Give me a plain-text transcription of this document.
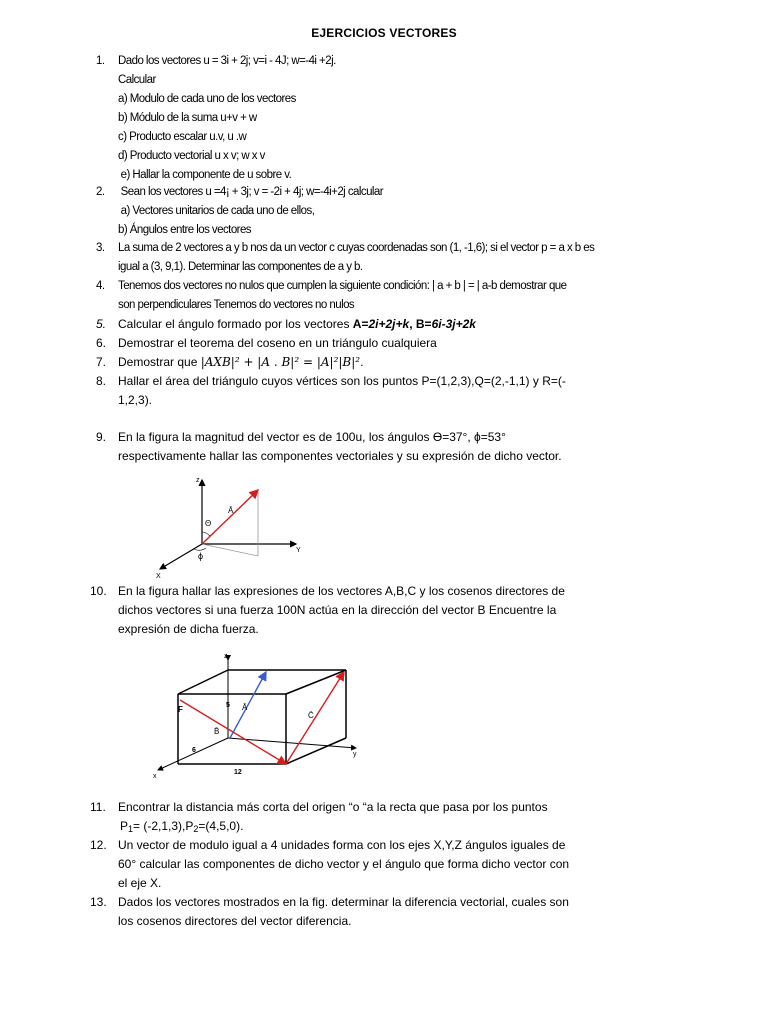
EJERCICIOS VECTORES
1. Dado los vectores u = 3i + 2j; v=i - 4J; w=-4i +2j.
Calcular
a) Modulo de cada uno de los vectores
b) Módulo de la suma u+v + w
c) Producto escalar u.v, u .w
d) Producto vectorial u x v; w x v
e) Hallar la componente de u sobre v.
2. Sean los vectores u =4¡ + 3j; v = -2i + 4j; w=-4i+2j calcular
a) Vectores unitarios de cada uno de ellos,
b) Ángulos entre los vectores
3. La suma de 2 vectores a y b nos da un vector c cuyas coordenadas son (1, -1,6); si el vector p = a x b es
igual a (3, 9,1). Determinar las componentes de a y b.
4. Tenemos dos vectores no nulos que cumplen la siguiente condición: | a + b | = | a-b demostrar que
son perpendiculares Tenemos do vectores no nulos
5. Calcular el ángulo formado por los vectores A=2i+2j+k, B=6i-3j+2k
6. Demostrar el teorema del coseno en un triángulo cualquiera
7. Demostrar que |AXB|² + |A . B|² = |A|²|B|².
8. Hallar el área del triángulo cuyos vértices son los puntos P=(1,2,3),Q=(2,-1,1) y R=(-
1,2,3).
9. En la figura la magnitud del vector es de 100u, los ángulos ϴ=37°, ϕ=53°
respectivamente hallar las componentes vectoriales y su expresión de dicho vector.
z
Y
X
Ā
Θ
ϕ
10. En la figura hallar las expresiones de los vectores A,B,C y los cosenos directores de
dichos vectores si una fuerza 100N actúa en la dirección del vector B Encuentre la
expresión de dicha fuerza.
z
y
x
F	Ā
B̄
C̄
5
6
12
11. Encontrar la distancia más corta del origen “o “a la recta que pasa por los puntos
$P_1= (-2,1,3),P_2=(4,5,0)$.
12. Un vector de modulo igual a 4 unidades forma con los ejes X,Y,Z ángulos iguales de
60° calcular las componentes de dicho vector y el ángulo que forma dicho vector con
el eje X.
13. Dados los vectores mostrados en la fig. determinar la diferencia vectorial, cuales son
los cosenos directores del vector diferencia.
